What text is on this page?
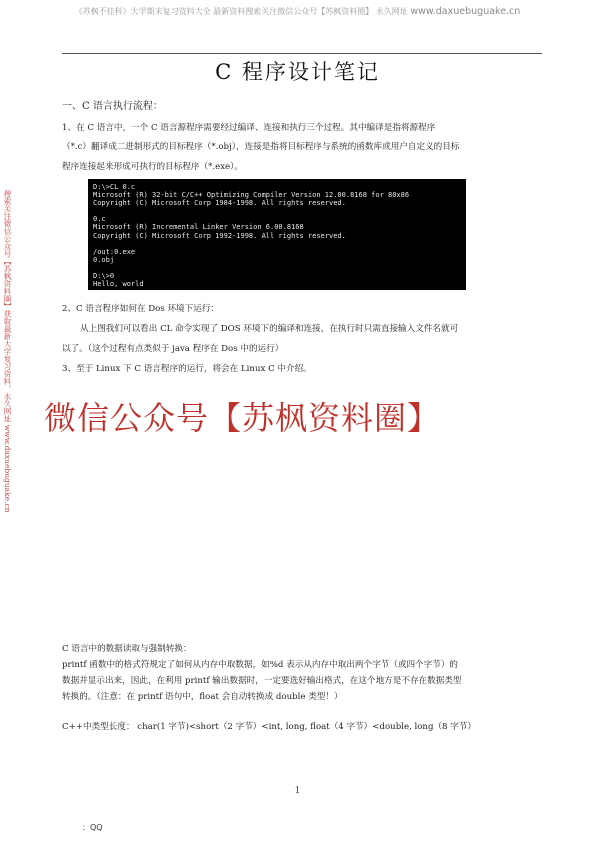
《苏枫不挂科》大学期末复习资料大全 最新资料搜索关注微信公众号【苏枫资料圈】 永久网址 www.daxuebuguake.cn
C 程序设计笔记
搜索关注微信公众号【苏枫资料圈】获取最新大学复习资料，永久网址 www.daxuebuguake.cn
一、C 语言执行流程：
1、在 C 语言中，一个 C 语言源程序需要经过编译、连接和执行三个过程。其中编译是指将源程序
（*.c）翻译成二进制形式的目标程序（*.obj），连接是指将目标程序与系统的函数库或用户自定义的目标
程序连接起来形成可执行的目标程序（*.exe）。
D:\>CL 0.c
Microsoft (R) 32-bit C/C++ Optimizing Compiler Version 12.00.8168 for 80x86
Copyright (C) Microsoft Corp 1984-1998. All rights reserved.

0.c
Microsoft (R) Incremental Linker Version 6.00.8168
Copyright (C) Microsoft Corp 1992-1998. All rights reserved.

/out:0.exe
0.obj

D:\>0
Hello, world
2、C 语言程序如何在 Dos 环境下运行：
从上图我们可以看出 CL 命令实现了 DOS 环境下的编译和连接，在执行时只需直接输入文件名就可
以了。（这个过程有点类似于 java 程序在 Dos 中的运行）
3、至于 Linux 下 C 语言程序的运行，将会在 Linux C 中介绍。
微信公众号【苏枫资料圈】
C 语言中的数据读取与强制转换：
printf 函数中的格式符规定了如何从内存中取数据，如%d 表示从内存中取出两个字节（或四个字节）的
数据并显示出来，因此，在利用 printf 输出数据时，一定要选好输出格式，在这个地方是不存在数据类型
转换的。（注意：在 printf 语句中，float 会自动转换成 double 类型！）
C++中类型长度： char(1 字节)<short（2 字节）<int, long, float（4 字节）<double, long（8 字节）
1
：QQ
